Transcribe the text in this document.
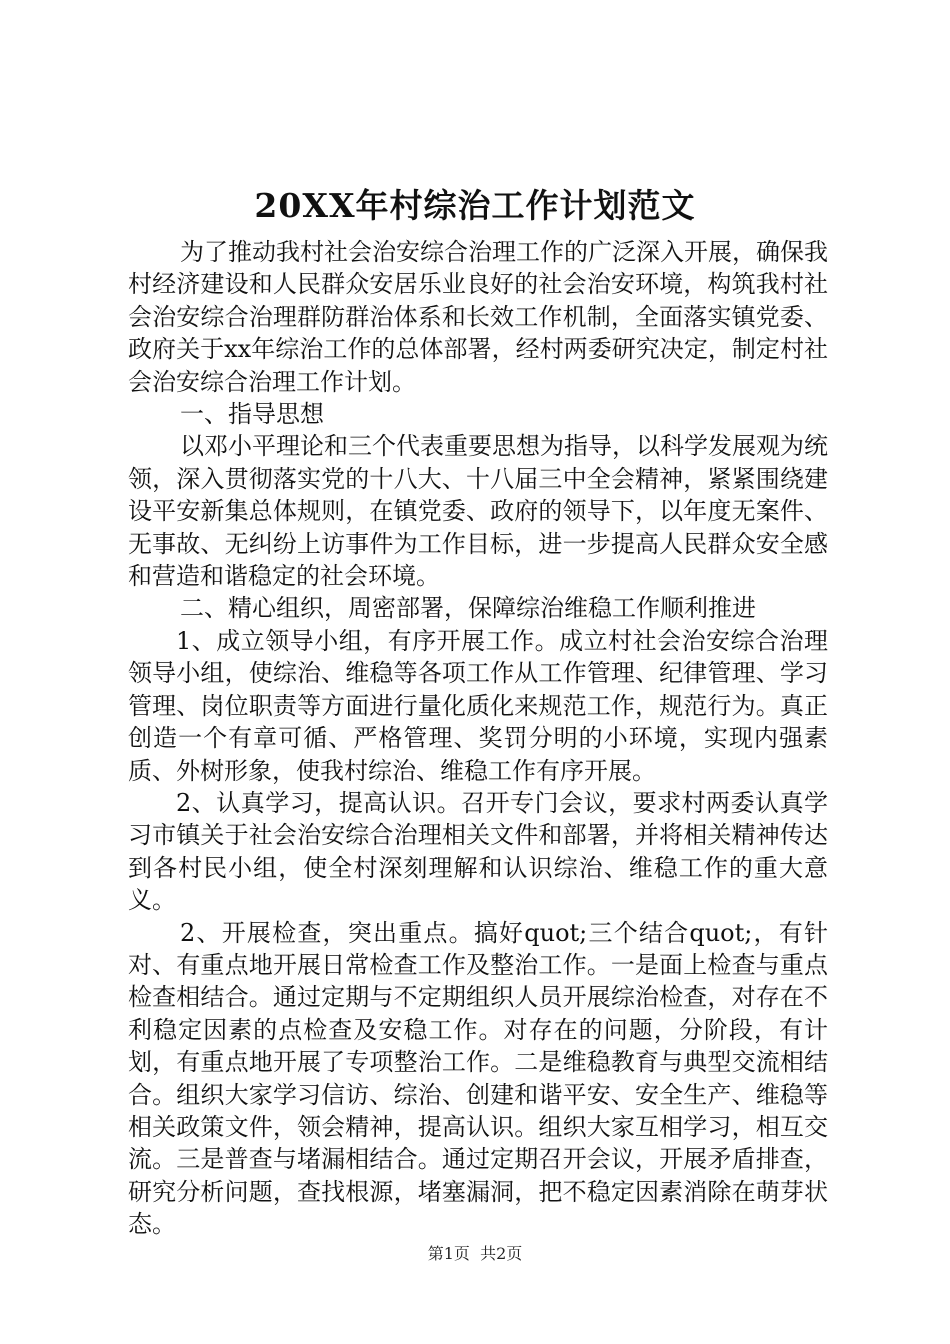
20XX年村综治工作计划范文

为了推动我村社会治安综合治理工作的广泛深入开展，确保我村经济建设和人民群众安居乐业良好的社会治安环境，构筑我村社会治安综合治理群防群治体系和长效工作机制，全面落实镇党委、政府关于xx年综治工作的总体部署，经村两委研究决定，制定村社会治安综合治理工作计划。

一、指导思想

以邓小平理论和三个代表重要思想为指导，以科学发展观为统领，深入贯彻落实党的十八大、十八届三中全会精神，紧紧围绕建设平安新集总体规则，在镇党委、政府的领导下，以年度无案件、无事故、无纠纷上访事件为工作目标，进一步提高人民群众安全感和营造和谐稳定的社会环境。

二、精心组织，周密部署，保障综治维稳工作顺利推进

1、成立领导小组，有序开展工作。成立村社会治安综合治理领导小组，使综治、维稳等各项工作从工作管理、纪律管理、学习管理、岗位职责等方面进行量化质化来规范工作，规范行为。真正创造一个有章可循、严格管理、奖罚分明的小环境，实现内强素质、外树形象，使我村综治、维稳工作有序开展。

2、认真学习，提高认识。召开专门会议，要求村两委认真学习市镇关于社会治安综合治理相关文件和部署，并将相关精神传达到各村民小组，使全村深刻理解和认识综治、维稳工作的重大意义。

2、开展检查，突出重点。搞好quot;三个结合quot;，有针对、有重点地开展日常检查工作及整治工作。一是面上检查与重点检查相结合。通过定期与不定期组织人员开展综治检查，对存在不利稳定因素的点检查及安稳工作。对存在的问题，分阶段，有计划，有重点地开展了专项整治工作。二是维稳教育与典型交流相结合。组织大家学习信访、综治、创建和谐平安、安全生产、维稳等相关政策文件，领会精神，提高认识。组织大家互相学习，相互交流。三是普查与堵漏相结合。通过定期召开会议，开展矛盾排查，研究分析问题，查找根源，堵塞漏洞，把不稳定因素消除在萌芽状态。

第1页  共2页
